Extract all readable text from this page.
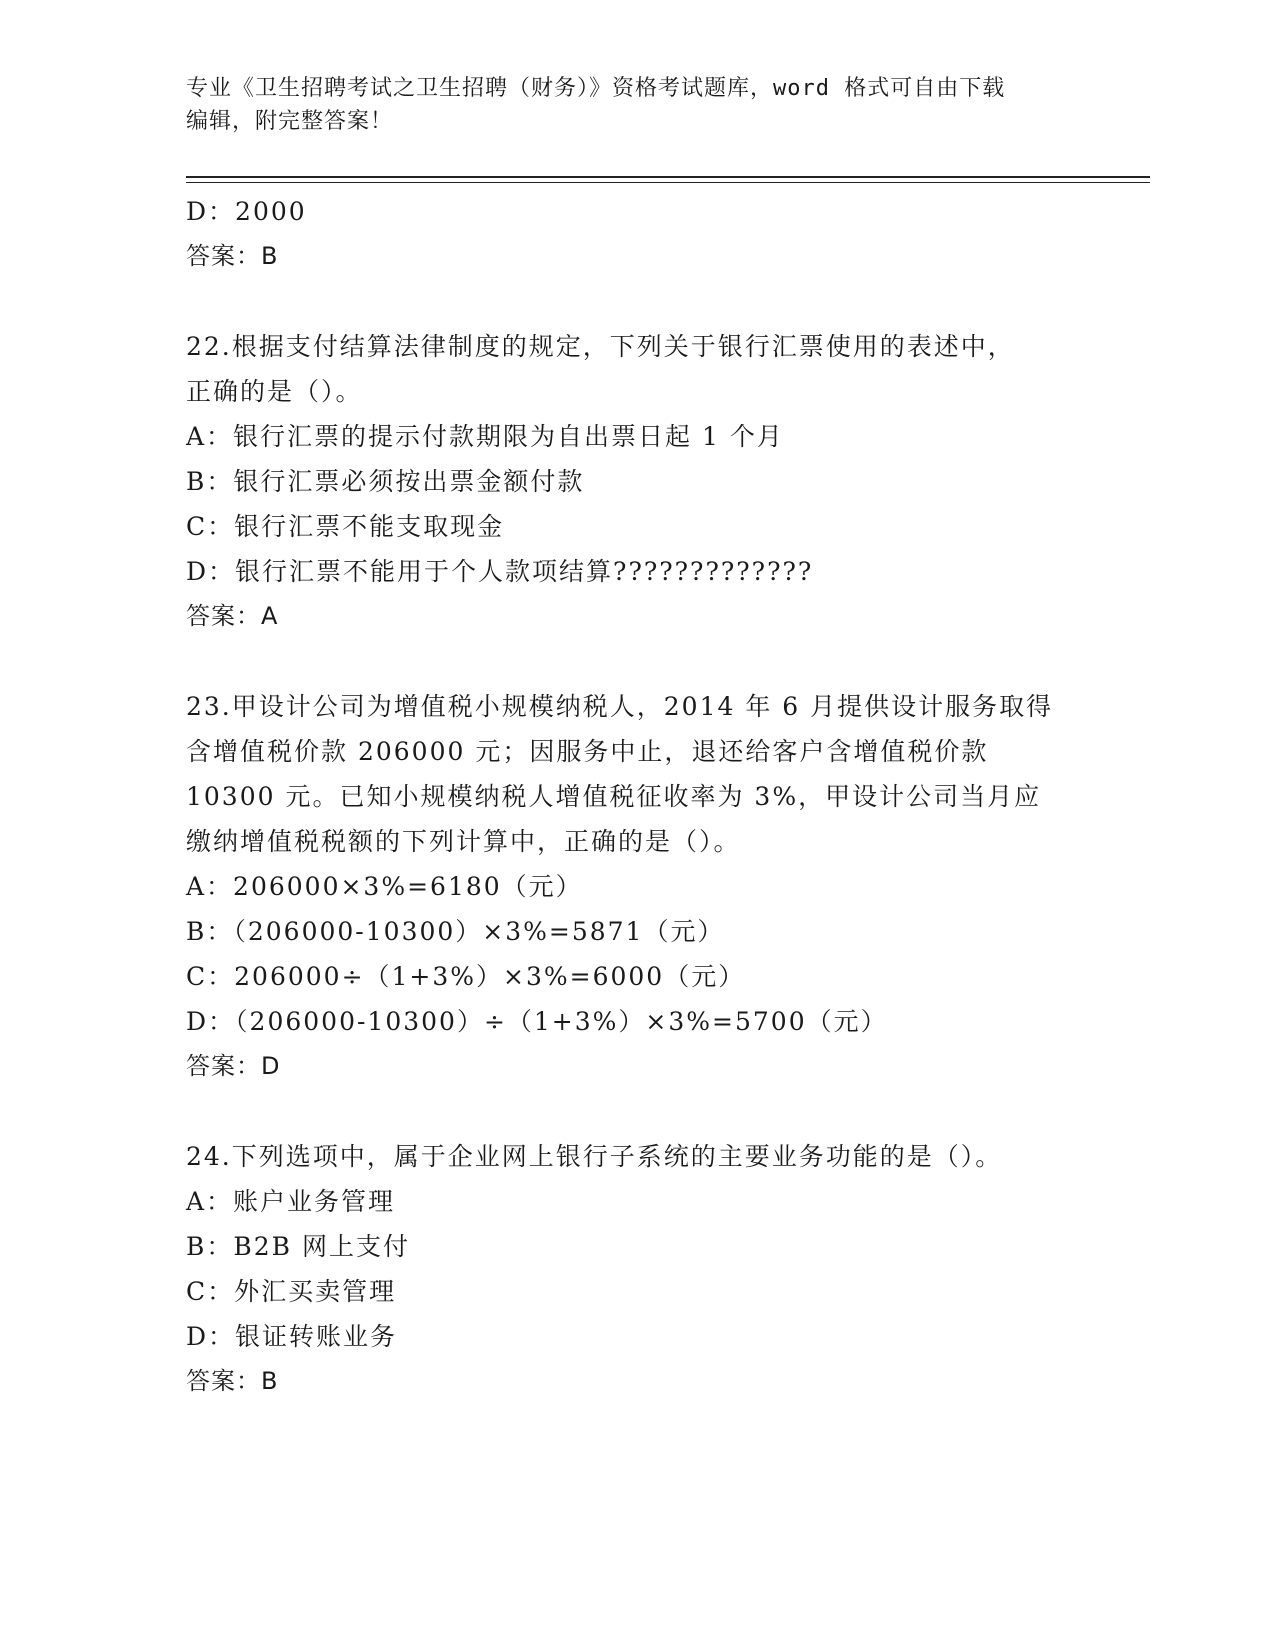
专业《卫生招聘考试之卫生招聘（财务）》资格考试题库，word 格式可自由下载
编辑，附完整答案！
D：2000
答案：B
22.根据支付结算法律制度的规定，下列关于银行汇票使用的表述中，
正确的是（）。
A：银行汇票的提示付款期限为自出票日起 1 个月
B：银行汇票必须按出票金额付款
C：银行汇票不能支取现金
D：银行汇票不能用于个人款项结算?????????????
答案：A
23.甲设计公司为增值税小规模纳税人，2014 年 6 月提供设计服务取得
含增值税价款 206000 元；因服务中止，退还给客户含增值税价款
10300 元。已知小规模纳税人增值税征收率为 3%，甲设计公司当月应
缴纳增值税税额的下列计算中，正确的是（）。
A：206000×3%=6180（元）
B：（206000-10300）×3%=5871（元）
C：206000÷（1+3%）×3%=6000（元）
D：（206000-10300）÷（1+3%）×3%=5700（元）
答案：D
24.下列选项中，属于企业网上银行子系统的主要业务功能的是（）。
A：账户业务管理
B：B2B 网上支付
C：外汇买卖管理
D：银证转账业务
答案：B
